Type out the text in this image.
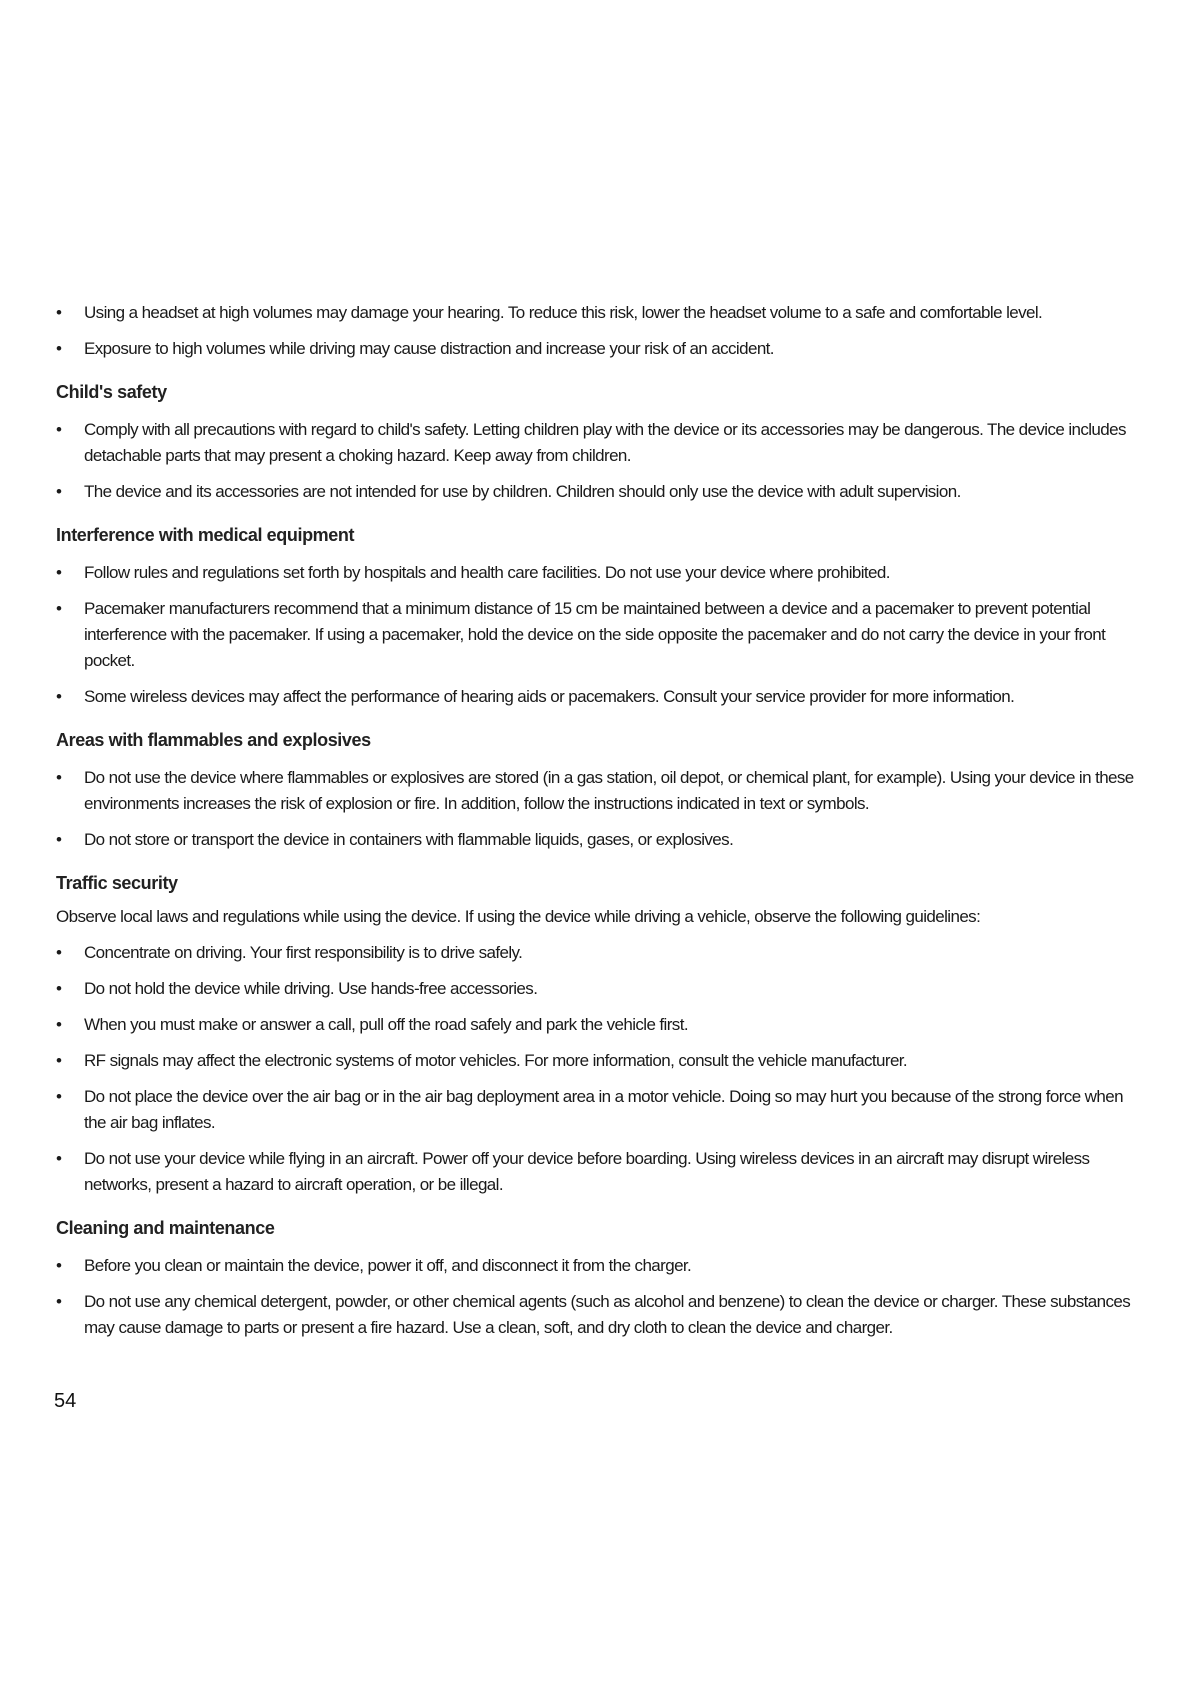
•	Using a headset at high volumes may damage your hearing. To reduce this risk, lower the headset volume to a safe and comfortable level.
•	Exposure to high volumes while driving may cause distraction and increase your risk of an accident.
Child's safety
•	Comply with all precautions with regard to child's safety. Letting children play with the device or its accessories may be dangerous. The device includes detachable parts that may present a choking hazard. Keep away from children.
•	The device and its accessories are not intended for use by children. Children should only use the device with adult supervision.
Interference with medical equipment
•	Follow rules and regulations set forth by hospitals and health care facilities. Do not use your device where prohibited.
•	Pacemaker manufacturers recommend that a minimum distance of 15 cm be maintained between a device and a pacemaker to prevent potential interference with the pacemaker. If using a pacemaker, hold the device on the side opposite the pacemaker and do not carry the device in your front pocket.
•	Some wireless devices may affect the performance of hearing aids or pacemakers. Consult your service provider for more information.
Areas with flammables and explosives
•	Do not use the device where flammables or explosives are stored (in a gas station, oil depot, or chemical plant, for example). Using your device in these environments increases the risk of explosion or fire. In addition, follow the instructions indicated in text or symbols.
•	Do not store or transport the device in containers with flammable liquids, gases, or explosives.
Traffic security
Observe local laws and regulations while using the device. If using the device while driving a vehicle, observe the following guidelines:
•	Concentrate on driving. Your first responsibility is to drive safely.
•	Do not hold the device while driving. Use hands-free accessories.
•	When you must make or answer a call, pull off the road safely and park the vehicle first.
•	RF signals may affect the electronic systems of motor vehicles. For more information, consult the vehicle manufacturer.
•	Do not place the device over the air bag or in the air bag deployment area in a motor vehicle. Doing so may hurt you because of the strong force when the air bag inflates.
•	Do not use your device while flying in an aircraft. Power off your device before boarding. Using wireless devices in an aircraft may disrupt wireless networks, present a hazard to aircraft operation, or be illegal.
Cleaning and maintenance
•	Before you clean or maintain the device, power it off, and disconnect it from the charger.
•	Do not use any chemical detergent, powder, or other chemical agents (such as alcohol and benzene) to clean the device or charger. These substances may cause damage to parts or present a fire hazard. Use a clean, soft, and dry cloth to clean the device and charger.
54
